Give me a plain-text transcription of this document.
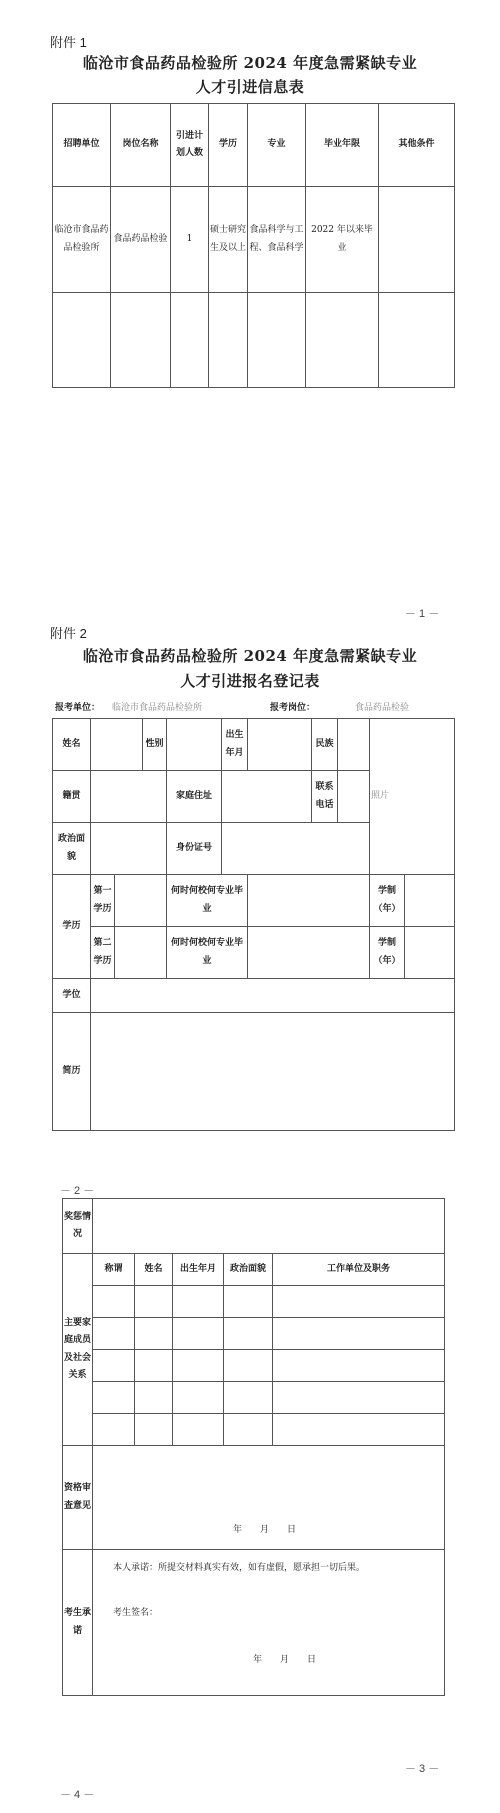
附件 1
临沧市食品药品检验所 2024 年度急需紧缺专业
人才引进信息表
招聘单位	岗位名称	引进计划人数	学历	专业	毕业年限	其他条件
临沧市食品药品检验所	食品药品检验	1	硕士研究生及以上	食品科学与工程、食品科学	2022 年以来毕业	

－ 1 －
附件 2
临沧市食品药品检验所 2024 年度急需紧缺专业
人才引进报名登记表
报考单位： 临沧市食品药品检验所	报考岗位：	食品药品检验
姓名			性别		出生年月		民族		照片	
籍贯				家庭住址			联系电话			
政治面貌				身份证号						
学历	第一学历			何时何校何专业毕业					学制（年）	
	第二学历			何时何校何专业毕业					学制（年）	
学位										
简历										
－ 2 －
奖惩情况					
主要家庭成员及社会关系	称谓	姓名	出生年月	政治面貌	工作单位及职务

资格审查意见	年　　月　　日				
考生承诺	本人承诺：所提交材料真实有效，如有虚假，愿承担一切后果。
考生签名：
年　　月　　日				
－ 3 －
－ 4 －
